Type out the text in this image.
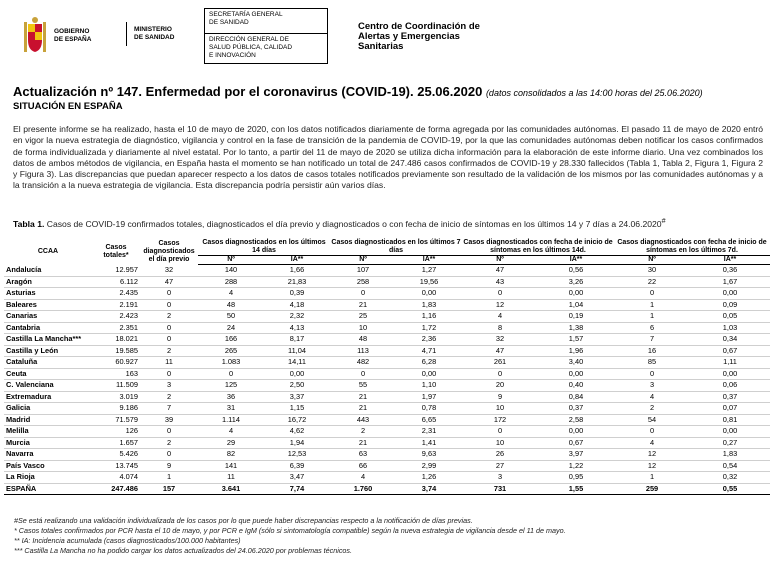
GOBIERNO
DE ESPAÑA
MINISTERIO
DE SANIDAD
SECRETARÍA GENERAL
DE SANIDAD
DIRECCIÓN GENERAL DE
SALUD PÚBLICA, CALIDAD
E INNOVACIÓN
Centro de Coordinación de
Alertas y Emergencias
Sanitarias
Actualización nº 147. Enfermedad por el coronavirus (COVID-19). 25.06.2020 (datos consolidados a las 14:00 horas del 25.06.2020)
SITUACIÓN EN ESPAÑA
El presente informe se ha realizado, hasta el 10 de mayo de 2020, con los datos notificados diariamente de forma agregada por las comunidades autónomas. El pasado 11 de mayo de 2020 entró en vigor la nueva estrategia de diagnóstico, vigilancia y control en la fase de transición de la pandemia de COVID-19, por la que las comunidades autónomas deben notificar los casos confirmados de forma individualizada y diariamente al nivel estatal. Por lo tanto, a partir del 11 de mayo de 2020 se utiliza dicha información para la elaboración de este informe diario. Una vez combinados los datos de ambos métodos de vigilancia, en España hasta el momento se han notificado un total de 247.486 casos confirmados de COVID-19 y 28.330 fallecidos (Tabla 1, Tabla 2, Figura 1, Figura 2 y Figura 3). Las discrepancias que puedan aparecer respecto a los datos de casos totales notificados previamente son resultado de la validación de los mismos por las comunidades autónomas y a la transición a la nueva estrategia de vigilancia. Esta discrepancia podría persistir aún varios días.
Tabla 1. Casos de COVID-19 confirmados totales, diagnosticados el día previo y diagnosticados o con fecha de inicio de síntomas en los últimos 14 y 7 días a 24.06.2020#
CCAA	Casos totales*	Casos diagnosticados el día previo	Casos diagnosticados en los últimos 14 días		Casos diagnosticados en los últimos 7 días		Casos diagnosticados con fecha de inicio de síntomas en los últimos 14d.		Casos diagnosticados con fecha de inicio de síntomas en los últimos 7d.	
			Nº	IA**	Nº	IA**	Nº	IA**	Nº	IA**
Andalucía	12.957	32	140	1,66	107	1,27	47	0,56	30	0,36
Aragón	6.112	47	288	21,83	258	19,56	43	3,26	22	1,67
Asturias	2.435	0	4	0,39	0	0,00	0	0,00	0	0,00
Baleares	2.191	0	48	4,18	21	1,83	12	1,04	1	0,09
Canarias	2.423	2	50	2,32	25	1,16	4	0,19	1	0,05
Cantabria	2.351	0	24	4,13	10	1,72	8	1,38	6	1,03
Castilla La Mancha***	18.021	0	166	8,17	48	2,36	32	1,57	7	0,34
Castilla y León	19.585	2	265	11,04	113	4,71	47	1,96	16	0,67
Cataluña	60.927	11	1.083	14,11	482	6,28	261	3,40	85	1,11
Ceuta	163	0	0	0,00	0	0,00	0	0,00	0	0,00
C. Valenciana	11.509	3	125	2,50	55	1,10	20	0,40	3	0,06
Extremadura	3.019	2	36	3,37	21	1,97	9	0,84	4	0,37
Galicia	9.186	7	31	1,15	21	0,78	10	0,37	2	0,07
Madrid	71.579	39	1.114	16,72	443	6,65	172	2,58	54	0,81
Melilla	126	0	4	4,62	2	2,31	0	0,00	0	0,00
Murcia	1.657	2	29	1,94	21	1,41	10	0,67	4	0,27
Navarra	5.426	0	82	12,53	63	9,63	26	3,97	12	1,83
País Vasco	13.745	9	141	6,39	66	2,99	27	1,22	12	0,54
La Rioja	4.074	1	11	3,47	4	1,26	3	0,95	1	0,32
ESPAÑA	247.486	157	3.641	7,74	1.760	3,74	731	1,55	259	0,55
#Se está realizando una validación individualizada de los casos por lo que puede haber discrepancias respecto a la notificación de días previas.
* Casos totales confirmados por PCR hasta el 10 de mayo, y por PCR e IgM (sólo si sintomatología compatible) según la nueva estrategia de vigilancia desde el 11 de mayo.
** IA: Incidencia acumulada (casos diagnosticados/100.000 habitantes)
*** Castilla La Mancha no ha podido cargar los datos actualizados del 24.06.2020 por problemas técnicos.
